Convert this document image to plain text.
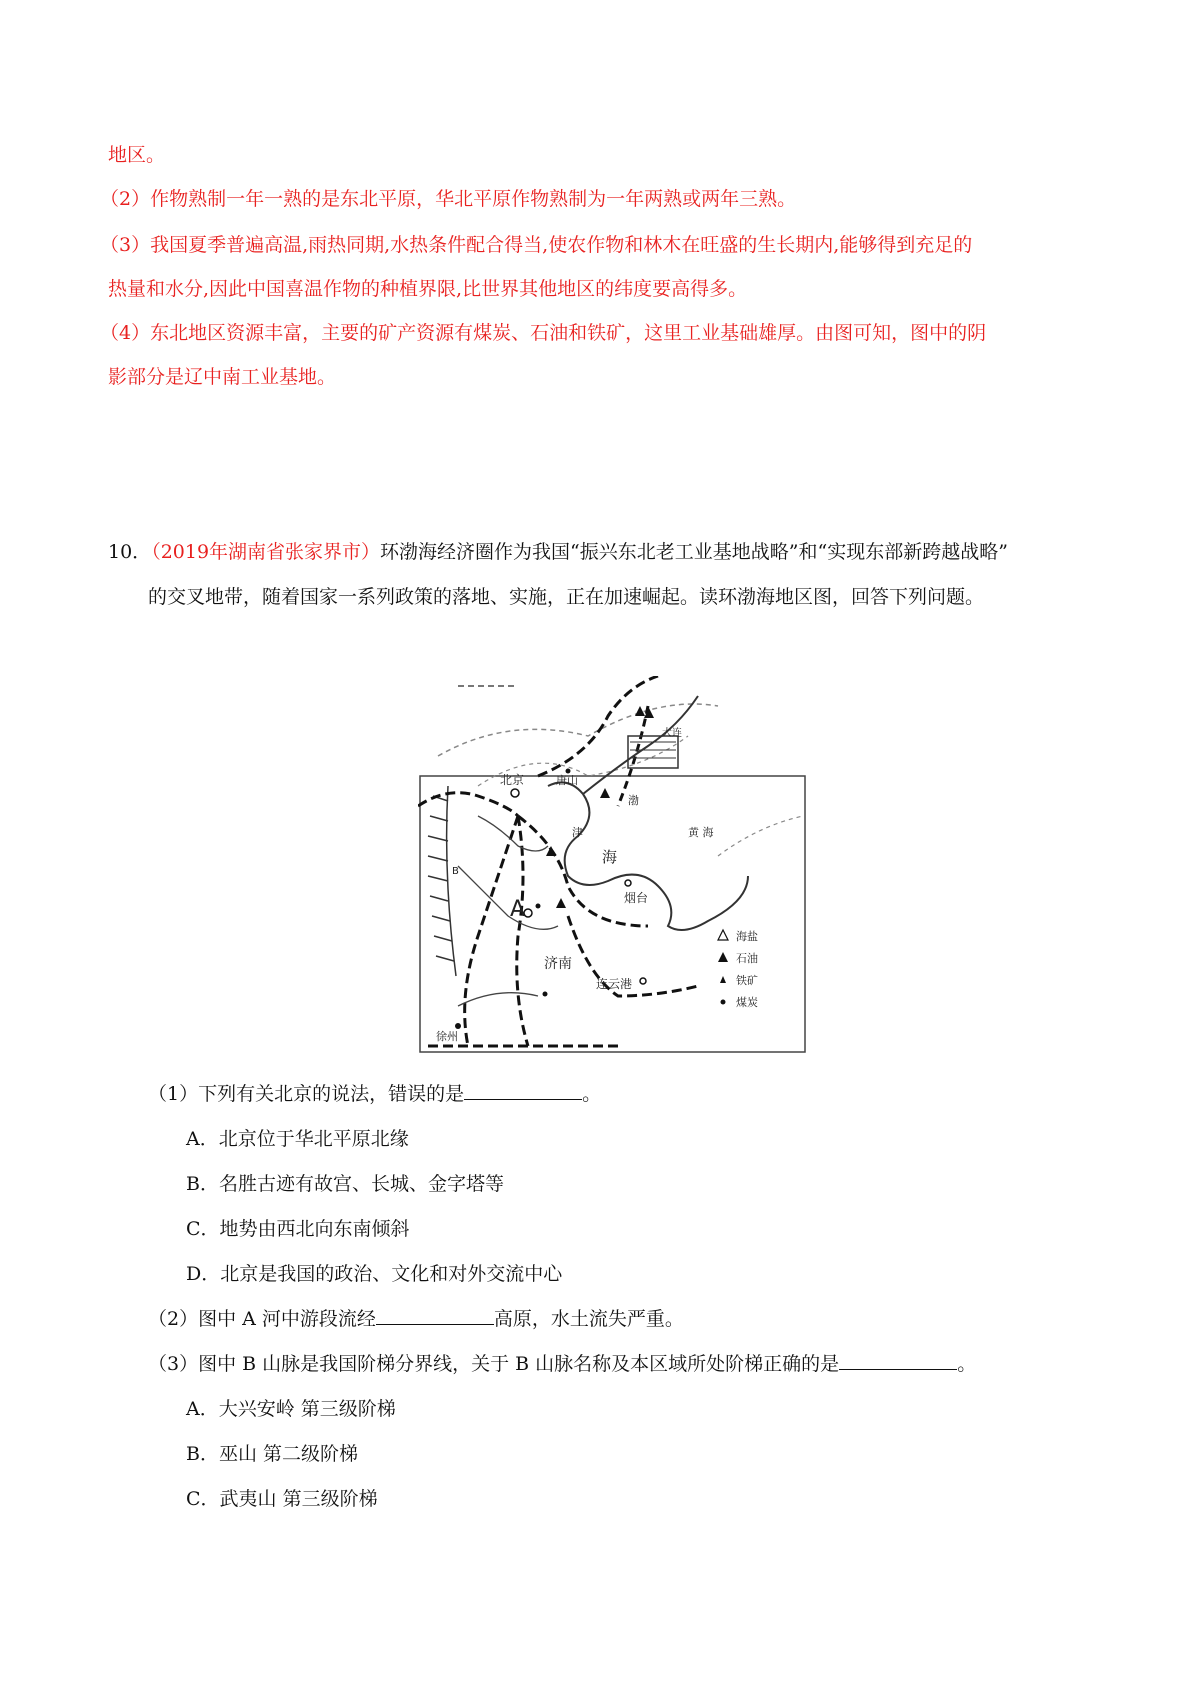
地区。
（2）作物熟制一年一熟的是东北平原，华北平原作物熟制为一年两熟或两年三熟。
（3）我国夏季普遍高温,雨热同期,水热条件配合得当,使农作物和林木在旺盛的生长期内,能够得到充足的
热量和水分,因此中国喜温作物的种植界限,比世界其他地区的纬度要高得多。
（4）东北地区资源丰富，主要的矿产资源有煤炭、石油和铁矿，这里工业基础雄厚。由图可知，图中的阴
影部分是辽中南工业基地。
10．（2019年湖南省张家界市）环渤海经济圈作为我国“振兴东北老工业基地战略”和“实现东部新跨越战略”
的交叉地带，随着国家一系列政策的落地、实施，正在加速崛起。读环渤海地区图，回答下列问题。
北京	唐山
津
渤
海
黄 海
烟台
济南
连云港
大连
徐州
A
B
海盐
石油
铁矿
煤炭
（1）下列有关北京的说法，错误的是	。
A．北京位于华北平原北缘
B．名胜古迹有故宫、长城、金字塔等
C．地势由西北向东南倾斜
D．北京是我国的政治、文化和对外交流中心
（2）图中 A 河中游段流经	高原，水土流失严重。
（3）图中 B 山脉是我国阶梯分界线，关于 B 山脉名称及本区域所处阶梯正确的是	。
A．大兴安岭 第三级阶梯
B．巫山 第二级阶梯
C．武夷山 第三级阶梯
